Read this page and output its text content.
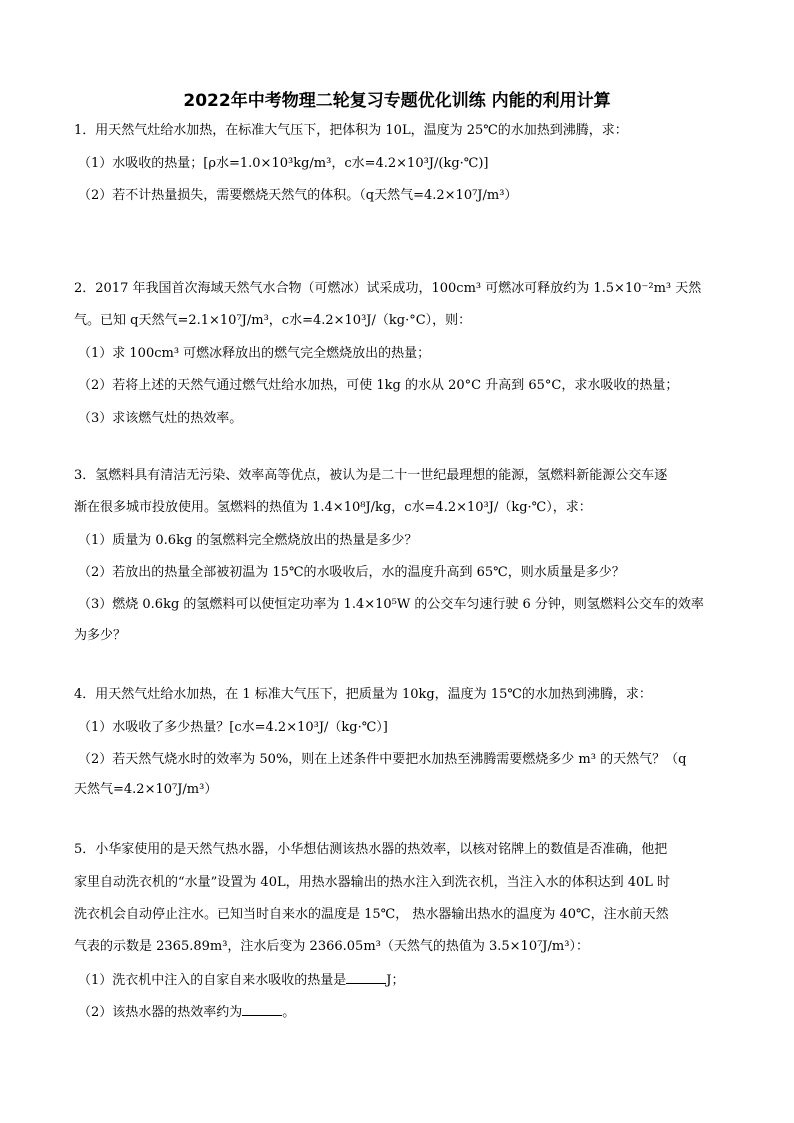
2022年中考物理二轮复习专题优化训练 内能的利用计算
1．用天然气灶给水加热，在标准大气压下，把体积为 10L，温度为 25℃的水加热到沸腾，求：
（1）水吸收的热量；[ρ水=1.0×10³kg/m³，c水=4.2×10³J/(kg·℃)]
（2）若不计热量损失，需要燃烧天然气的体积。（q天然气=4.2×10⁷J/m³）
2．2017 年我国首次海域天然气水合物（可燃冰）试采成功，100cm³ 可燃冰可释放约为 1.5×10⁻²m³ 天然
气。已知 q天然气=2.1×10⁷J/m³，c水=4.2×10³J/（kg·°C），则：
（1）求 100cm³ 可燃冰释放出的燃气完全燃烧放出的热量；
（2）若将上述的天然气通过燃气灶给水加热，可使 1kg 的水从 20°C 升高到 65°C，求水吸收的热量；
（3）求该燃气灶的热效率。
3．氢燃料具有清洁无污染、效率高等优点，被认为是二十一世纪最理想的能源，氢燃料新能源公交车逐
渐在很多城市投放使用。氢燃料的热值为 1.4×10⁸J/kg，c水=4.2×10³J/（kg·℃），求：
（1）质量为 0.6kg 的氢燃料完全燃烧放出的热量是多少？
（2）若放出的热量全部被初温为 15℃的水吸收后，水的温度升高到 65℃，则水质量是多少？
（3）燃烧 0.6kg 的氢燃料可以使恒定功率为 1.4×10⁵W 的公交车匀速行驶 6 分钟，则氢燃料公交车的效率
为多少？
4．用天然气灶给水加热，在 1 标准大气压下，把质量为 10kg，温度为 15℃的水加热到沸腾，求：
（1）水吸收了多少热量？[c水=4.2×10³J/（kg·℃）]
（2）若天然气烧水时的效率为 50%，则在上述条件中要把水加热至沸腾需要燃烧多少 m³ 的天然气？（q
天然气=4.2×10⁷J/m³）
5．小华家使用的是天然气热水器，小华想估测该热水器的热效率，以核对铭牌上的数值是否准确，他把
家里自动洗衣机的“水量”设置为 40L，用热水器输出的热水注入到洗衣机，当注入水的体积达到 40L 时
洗衣机会自动停止注水。已知当时自来水的温度是 15℃， 热水器输出热水的温度为 40℃，注水前天然
气表的示数是 2365.89m³，注水后变为 2366.05m³（天然气的热值为 3.5×10⁷J/m³）：
（1）洗衣机中注入的自家自来水吸收的热量是	J；
（2）该热水器的热效率约为	。
